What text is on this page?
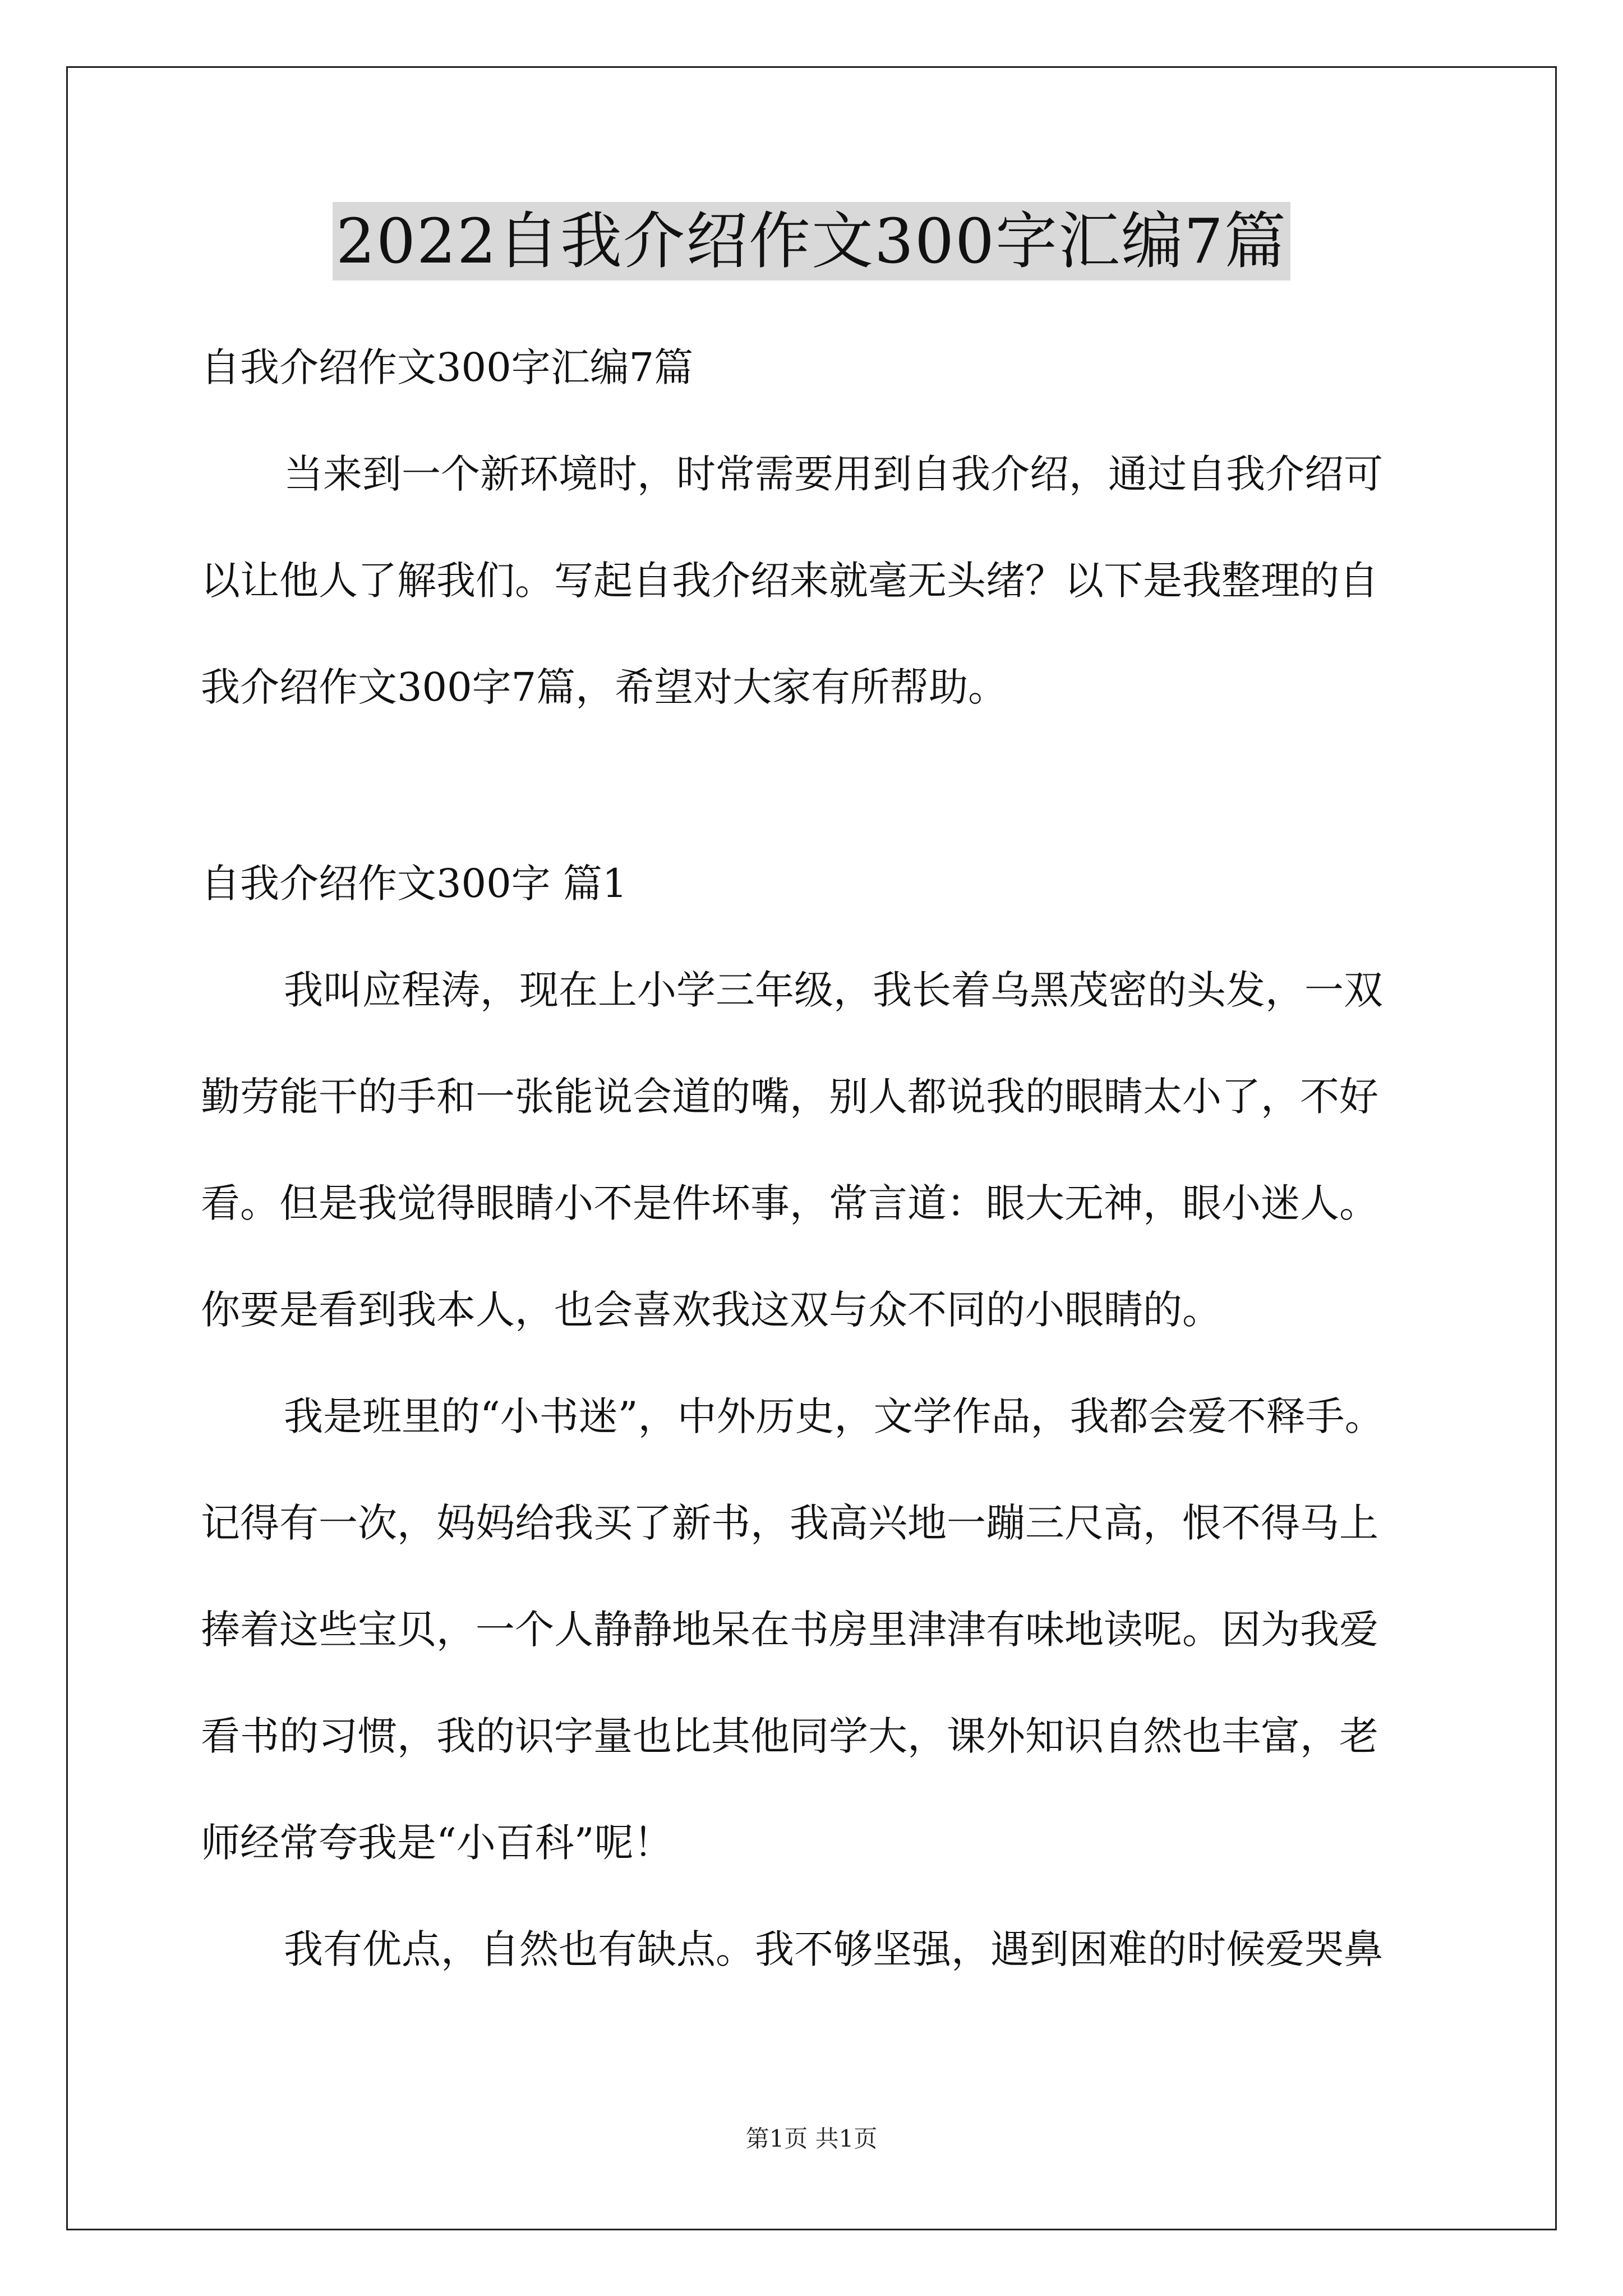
2022自我介绍作文300字汇编7篇
自我介绍作文300字汇编7篇
当来到一个新环境时，时常需要用到自我介绍，通过自我介绍可
以让他人了解我们。写起自我介绍来就毫无头绪？以下是我整理的自
我介绍作文300字7篇，希望对大家有所帮助。
自我介绍作文300字 篇1
我叫应程涛，现在上小学三年级，我长着乌黑茂密的头发，一双
勤劳能干的手和一张能说会道的嘴，别人都说我的眼睛太小了，不好
看。但是我觉得眼睛小不是件坏事，常言道：眼大无神，眼小迷人。
你要是看到我本人，也会喜欢我这双与众不同的小眼睛的。
我是班里的“小书迷”，中外历史，文学作品，我都会爱不释手。
记得有一次，妈妈给我买了新书，我高兴地一蹦三尺高，恨不得马上
捧着这些宝贝，一个人静静地呆在书房里津津有味地读呢。因为我爱
看书的习惯，我的识字量也比其他同学大，课外知识自然也丰富，老
师经常夸我是“小百科”呢！
我有优点，自然也有缺点。我不够坚强，遇到困难的时候爱哭鼻
第1页 共1页
